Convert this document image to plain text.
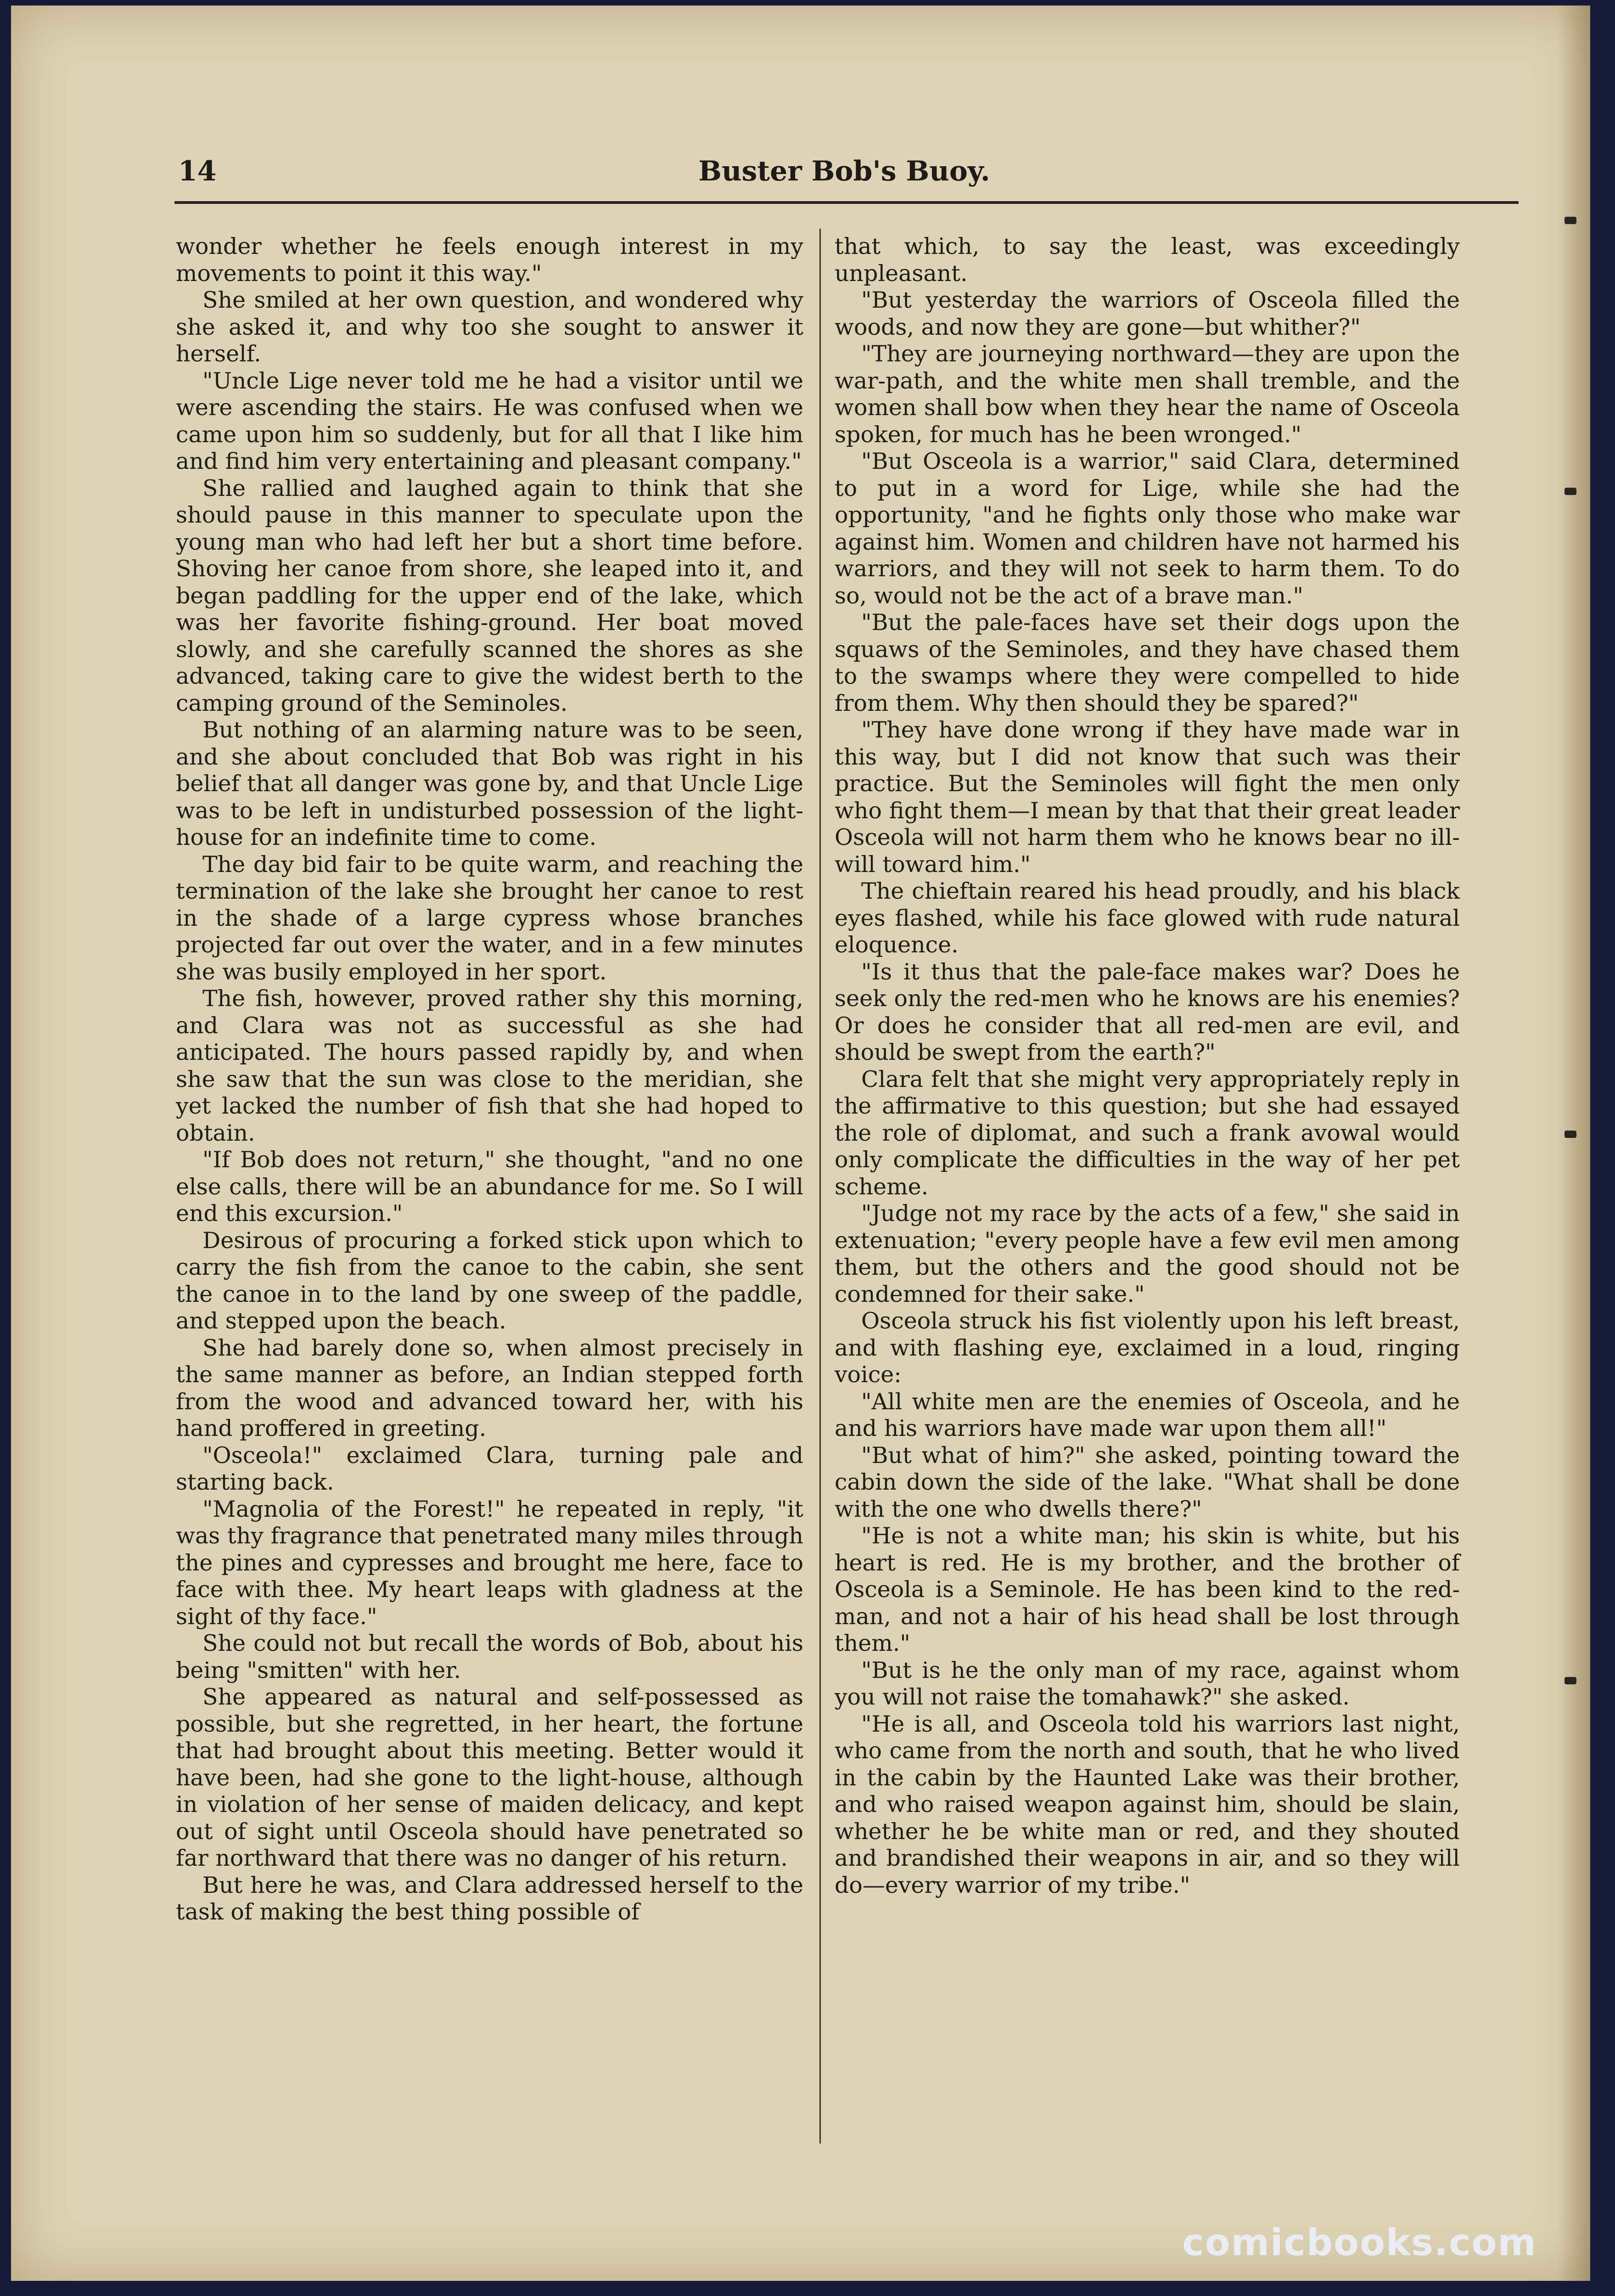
14	Buster Bob's Buoy.

wonder whether he feels enough interest in my movements to point it this way."

She smiled at her own question, and wondered why she asked it, and why too she sought to answer it herself.

"Uncle Lige never told me he had a visitor until we were ascending the stairs. He was confused when we came upon him so suddenly, but for all that I like him and find him very entertaining and pleasant company."

She rallied and laughed again to think that she should pause in this manner to speculate upon the young man who had left her but a short time before. Shoving her canoe from shore, she leaped into it, and began paddling for the upper end of the lake, which was her favorite fishing-ground. Her boat moved slowly, and she carefully scanned the shores as she advanced, taking care to give the widest berth to the camping ground of the Seminoles.

But nothing of an alarming nature was to be seen, and she about concluded that Bob was right in his belief that all danger was gone by, and that Uncle Lige was to be left in undisturbed possession of the light-house for an indefinite time to come.

The day bid fair to be quite warm, and reaching the termination of the lake she brought her canoe to rest in the shade of a large cypress whose branches projected far out over the water, and in a few minutes she was busily employed in her sport.

The fish, however, proved rather shy this morning, and Clara was not as successful as she had anticipated. The hours passed rapidly by, and when she saw that the sun was close to the meridian, she yet lacked the number of fish that she had hoped to obtain.

"If Bob does not return," she thought, "and no one else calls, there will be an abundance for me. So I will end this excursion."

Desirous of procuring a forked stick upon which to carry the fish from the canoe to the cabin, she sent the canoe in to the land by one sweep of the paddle, and stepped upon the beach.

She had barely done so, when almost precisely in the same manner as before, an Indian stepped forth from the wood and advanced toward her, with his hand proffered in greeting.

"Osceola!" exclaimed Clara, turning pale and starting back.

"Magnolia of the Forest!" he repeated in reply, "it was thy fragrance that penetrated many miles through the pines and cypresses and brought me here, face to face with thee. My heart leaps with gladness at the sight of thy face."

She could not but recall the words of Bob, about his being "smitten" with her.

She appeared as natural and self-possessed as possible, but she regretted, in her heart, the fortune that had brought about this meeting. Better would it have been, had she gone to the light-house, although in violation of her sense of maiden delicacy, and kept out of sight until Osceola should have penetrated so far northward that there was no danger of his return.

But here he was, and Clara addressed herself to the task of making the best thing possible of

that which, to say the least, was exceedingly unpleasant.

"But yesterday the warriors of Osceola filled the woods, and now they are gone—but whither?"

"They are journeying northward—they are upon the war-path, and the white men shall tremble, and the women shall bow when they hear the name of Osceola spoken, for much has he been wronged."

"But Osceola is a warrior," said Clara, determined to put in a word for Lige, while she had the opportunity, "and he fights only those who make war against him. Women and children have not harmed his warriors, and they will not seek to harm them. To do so, would not be the act of a brave man."

"But the pale-faces have set their dogs upon the squaws of the Seminoles, and they have chased them to the swamps where they were compelled to hide from them. Why then should they be spared?"

"They have done wrong if they have made war in this way, but I did not know that such was their practice. But the Seminoles will fight the men only who fight them—I mean by that that their great leader Osceola will not harm them who he knows bear no ill-will toward him."

The chieftain reared his head proudly, and his black eyes flashed, while his face glowed with rude natural eloquence.

"Is it thus that the pale-face makes war? Does he seek only the red-men who he knows are his enemies? Or does he consider that all red-men are evil, and should be swept from the earth?"

Clara felt that she might very appropriately reply in the affirmative to this question; but she had essayed the role of diplomat, and such a frank avowal would only complicate the difficulties in the way of her pet scheme.

"Judge not my race by the acts of a few," she said in extenuation; "every people have a few evil men among them, but the others and the good should not be condemned for their sake."

Osceola struck his fist violently upon his left breast, and with flashing eye, exclaimed in a loud, ringing voice:

"All white men are the enemies of Osceola, and he and his warriors have made war upon them all!"

"But what of him?" she asked, pointing toward the cabin down the side of the lake. "What shall be done with the one who dwells there?"

"He is not a white man; his skin is white, but his heart is red. He is my brother, and the brother of Osceola is a Seminole. He has been kind to the red-man, and not a hair of his head shall be lost through them."

"But is he the only man of my race, against whom you will not raise the tomahawk?" she asked.

"He is all, and Osceola told his warriors last night, who came from the north and south, that he who lived in the cabin by the Haunted Lake was their brother, and who raised weapon against him, should be slain, whether he be white man or red, and they shouted and brandished their weapons in air, and so they will do—every warrior of my tribe."

comicbooks.com
